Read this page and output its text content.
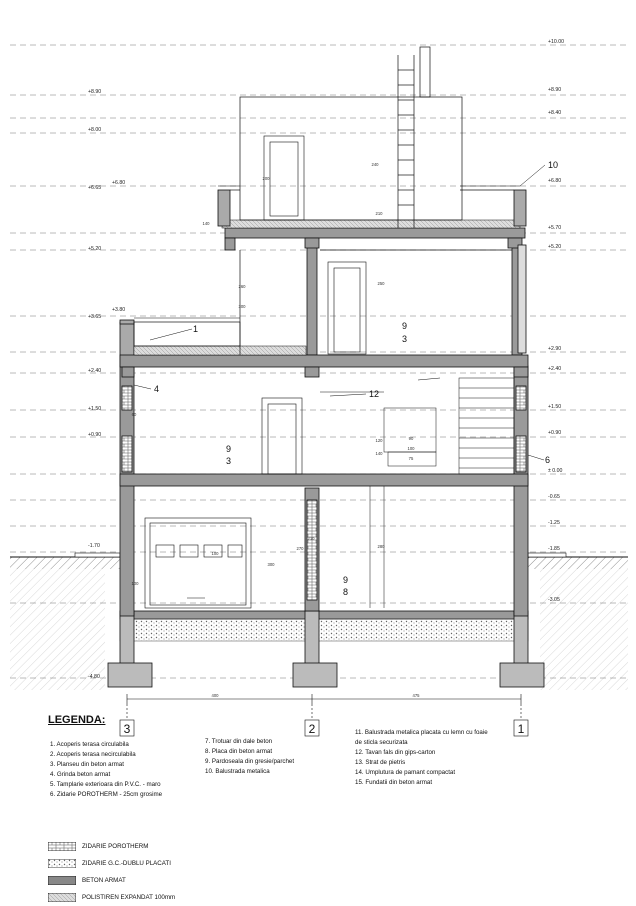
+8.90
+8.00
+6.80
+6.65
+5.20
+3.80
+3.65
+2.40
+1.50
+0.90
-1.70
-4.80
+10.00
+8.90
+8.40
+6.80
+5.70
+5.20
+2.90
+2.40
+1.50
+0.90
± 0.00
-0.65
-1.25
-1.85
-3.05
10
1	9
3
12
4
9
3	6
9
8
140
260
300
210
250
60
120
140
90
100
75
280
100
300
100
210
240
200
270
400	475
3	2	1
LEGENDA:
1. Acoperis terasa circulabila
2. Acoperis terasa necirculabila
3. Planseu din beton armat
4. Grinda beton armat
5. Tamplarie exterioara din P.V.C. - maro
6. Zidarie POROTHERM - 25cm grosime
7. Trotuar din dale beton
8. Placa din beton armat
9. Pardoseala din gresie/parchet
10. Balustrada metalica
11. Balustrada metalica placata cu lemn cu foaie
de sticla securizata
12. Tavan fals din gips-carton
13. Strat de pietris
14. Umplutura de pamant compactat
15. Fundatii din beton armat
ZIDARIE POROTHERM
ZIDARIE G.C.-DUBLU PLACATI
BETON ARMAT
POLISTIREN EXPANDAT 100mm
